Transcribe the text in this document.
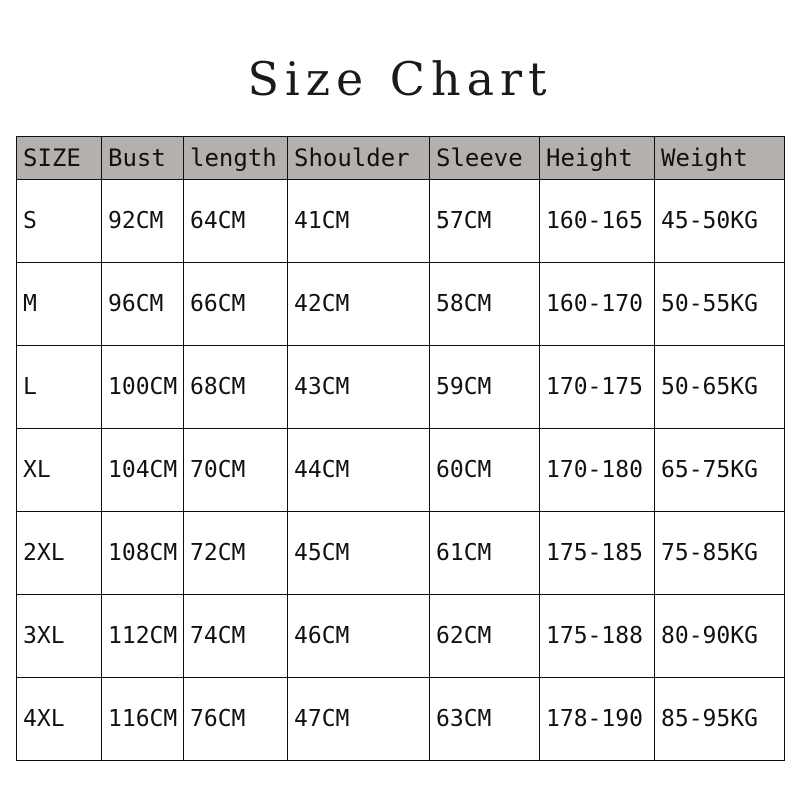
Size Chart
SIZE	Bust	length	Shoulder	Sleeve	Height	Weight
S	92CM	64CM	41CM	57CM	160-165	45-50KG
M	96CM	66CM	42CM	58CM	160-170	50-55KG
L	100CM	68CM	43CM	59CM	170-175	50-65KG
XL	104CM	70CM	44CM	60CM	170-180	65-75KG
2XL	108CM	72CM	45CM	61CM	175-185	75-85KG
3XL	112CM	74CM	46CM	62CM	175-188	80-90KG
4XL	116CM	76CM	47CM	63CM	178-190	85-95KG
